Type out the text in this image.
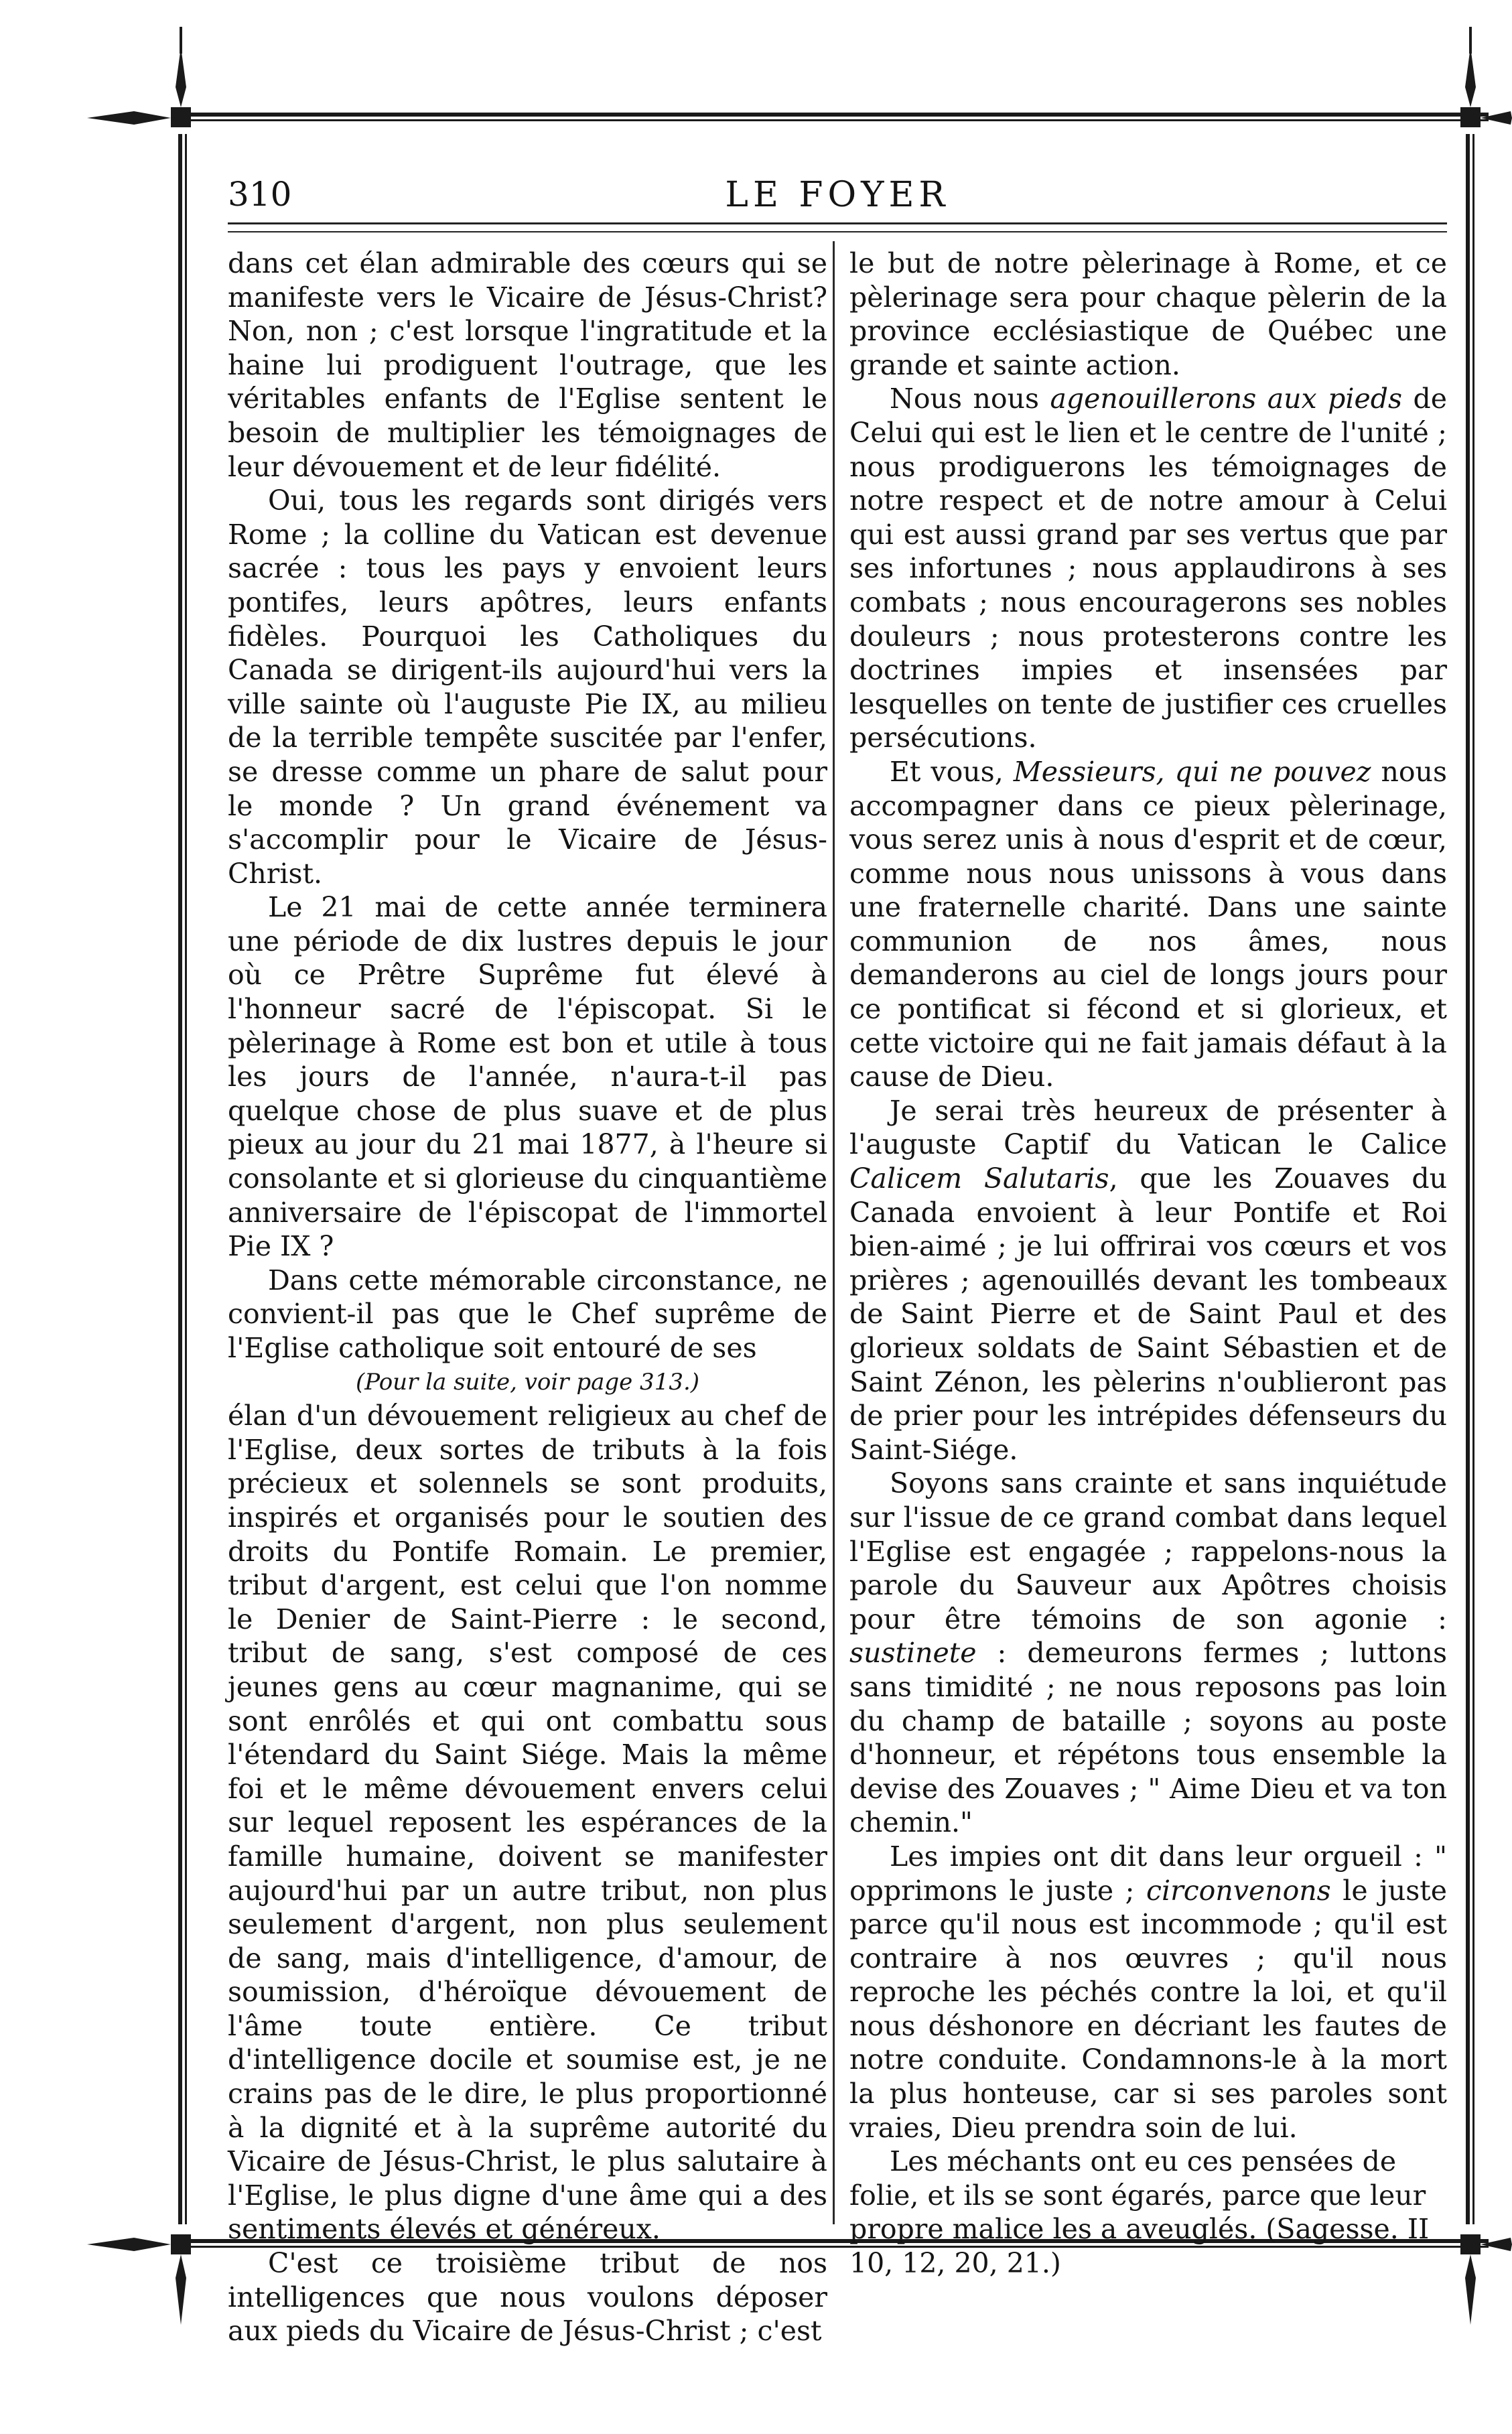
310	LE FOYER

dans cet élan admirable des cœurs qui se manifeste vers le Vicaire de Jésus-Christ? Non, non ; c'est lorsque l'ingratitude et la haine lui prodiguent l'outrage, que les véritables enfants de l'Eglise sentent le besoin de multiplier les témoignages de leur dévouement et de leur fidélité.

Oui, tous les regards sont dirigés vers Rome ; la colline du Vatican est devenue sacrée : tous les pays y envoient leurs pontifes, leurs apôtres, leurs enfants fidèles. Pourquoi les Catholiques du Canada se dirigent-ils aujourd'hui vers la ville sainte où l'auguste Pie IX, au milieu de la terrible tempête suscitée par l'enfer, se dresse comme un phare de salut pour le monde ? Un grand événement va s'accomplir pour le Vicaire de Jésus-Christ.

Le 21 mai de cette année terminera une période de dix lustres depuis le jour où ce Prêtre Suprême fut élevé à l'honneur sacré de l'épiscopat. Si le pèlerinage à Rome est bon et utile à tous les jours de l'année, n'aura-t-il pas quelque chose de plus suave et de plus pieux au jour du 21 mai 1877, à l'heure si consolante et si glorieuse du cinquantième anniversaire de l'épiscopat de l'immortel Pie IX ?

Dans cette mémorable circonstance, ne convient-il pas que le Chef suprême de l'Eglise catholique soit entouré de ses

(Pour la suite, voir page 313.)

élan d'un dévouement religieux au chef de l'Eglise, deux sortes de tributs à la fois précieux et solennels se sont produits, inspirés et organisés pour le soutien des droits du Pontife Romain. Le premier, tribut d'argent, est celui que l'on nomme le Denier de Saint-Pierre : le second, tribut de sang, s'est composé de ces jeunes gens au cœur magnanime, qui se sont enrôlés et qui ont combattu sous l'étendard du Saint Siége. Mais la même foi et le même dévouement envers celui sur lequel reposent les espérances de la famille humaine, doivent se manifester aujourd'hui par un autre tribut, non plus seulement d'argent, non plus seulement de sang, mais d'intelligence, d'amour, de soumission, d'héroïque dévouement de l'âme toute entière. Ce tribut d'intelligence docile et soumise est, je ne crains pas de le dire, le plus proportionné à la dignité et à la suprême autorité du Vicaire de Jésus-Christ, le plus salutaire à l'Eglise, le plus digne d'une âme qui a des sentiments élevés et généreux.

C'est ce troisième tribut de nos intelligences que nous voulons déposer aux pieds du Vicaire de Jésus-Christ ; c'est

le but de notre pèlerinage à Rome, et ce pèlerinage sera pour chaque pèlerin de la province ecclésiastique de Québec une grande et sainte action.

Nous nous agenouillerons aux pieds de Celui qui est le lien et le centre de l'unité ; nous prodiguerons les témoignages de notre respect et de notre amour à Celui qui est aussi grand par ses vertus que par ses infortunes ; nous applaudirons à ses combats ; nous encouragerons ses nobles douleurs ; nous protesterons contre les doctrines impies et insensées par lesquelles on tente de justifier ces cruelles persécutions.

Et vous, Messieurs, qui ne pouvez nous accompagner dans ce pieux pèlerinage, vous serez unis à nous d'esprit et de cœur, comme nous nous unissons à vous dans une fraternelle charité. Dans une sainte communion de nos âmes, nous demanderons au ciel de longs jours pour ce pontificat si fécond et si glorieux, et cette victoire qui ne fait jamais défaut à la cause de Dieu.

Je serai très heureux de présenter à l'auguste Captif du Vatican le Calice Calicem Salutaris, que les Zouaves du Canada envoient à leur Pontife et Roi bien-aimé ; je lui offrirai vos cœurs et vos prières ; agenouillés devant les tombeaux de Saint Pierre et de Saint Paul et des glorieux soldats de Saint Sébastien et de Saint Zénon, les pèlerins n'oublieront pas de prier pour les intrépides défenseurs du Saint-Siége.

Soyons sans crainte et sans inquiétude sur l'issue de ce grand combat dans lequel l'Eglise est engagée ; rappelons-nous la parole du Sauveur aux Apôtres choisis pour être témoins de son agonie : sustinete : demeurons fermes ; luttons sans timidité ; ne nous reposons pas loin du champ de bataille ; soyons au poste d'honneur, et répétons tous ensemble la devise des Zouaves ; " Aime Dieu et va ton chemin."

Les impies ont dit dans leur orgueil : " opprimons le juste ; circonvenons le juste parce qu'il nous est incommode ; qu'il est contraire à nos œuvres ; qu'il nous reproche les péchés contre la loi, et qu'il nous déshonore en décriant les fautes de notre conduite. Condamnons-le à la mort la plus honteuse, car si ses paroles sont vraies, Dieu prendra soin de lui.

Les méchants ont eu ces pensées de folie, et ils se sont égarés, parce que leur propre malice les a aveuglés. (Sagesse. II 10, 12, 20, 21.)
